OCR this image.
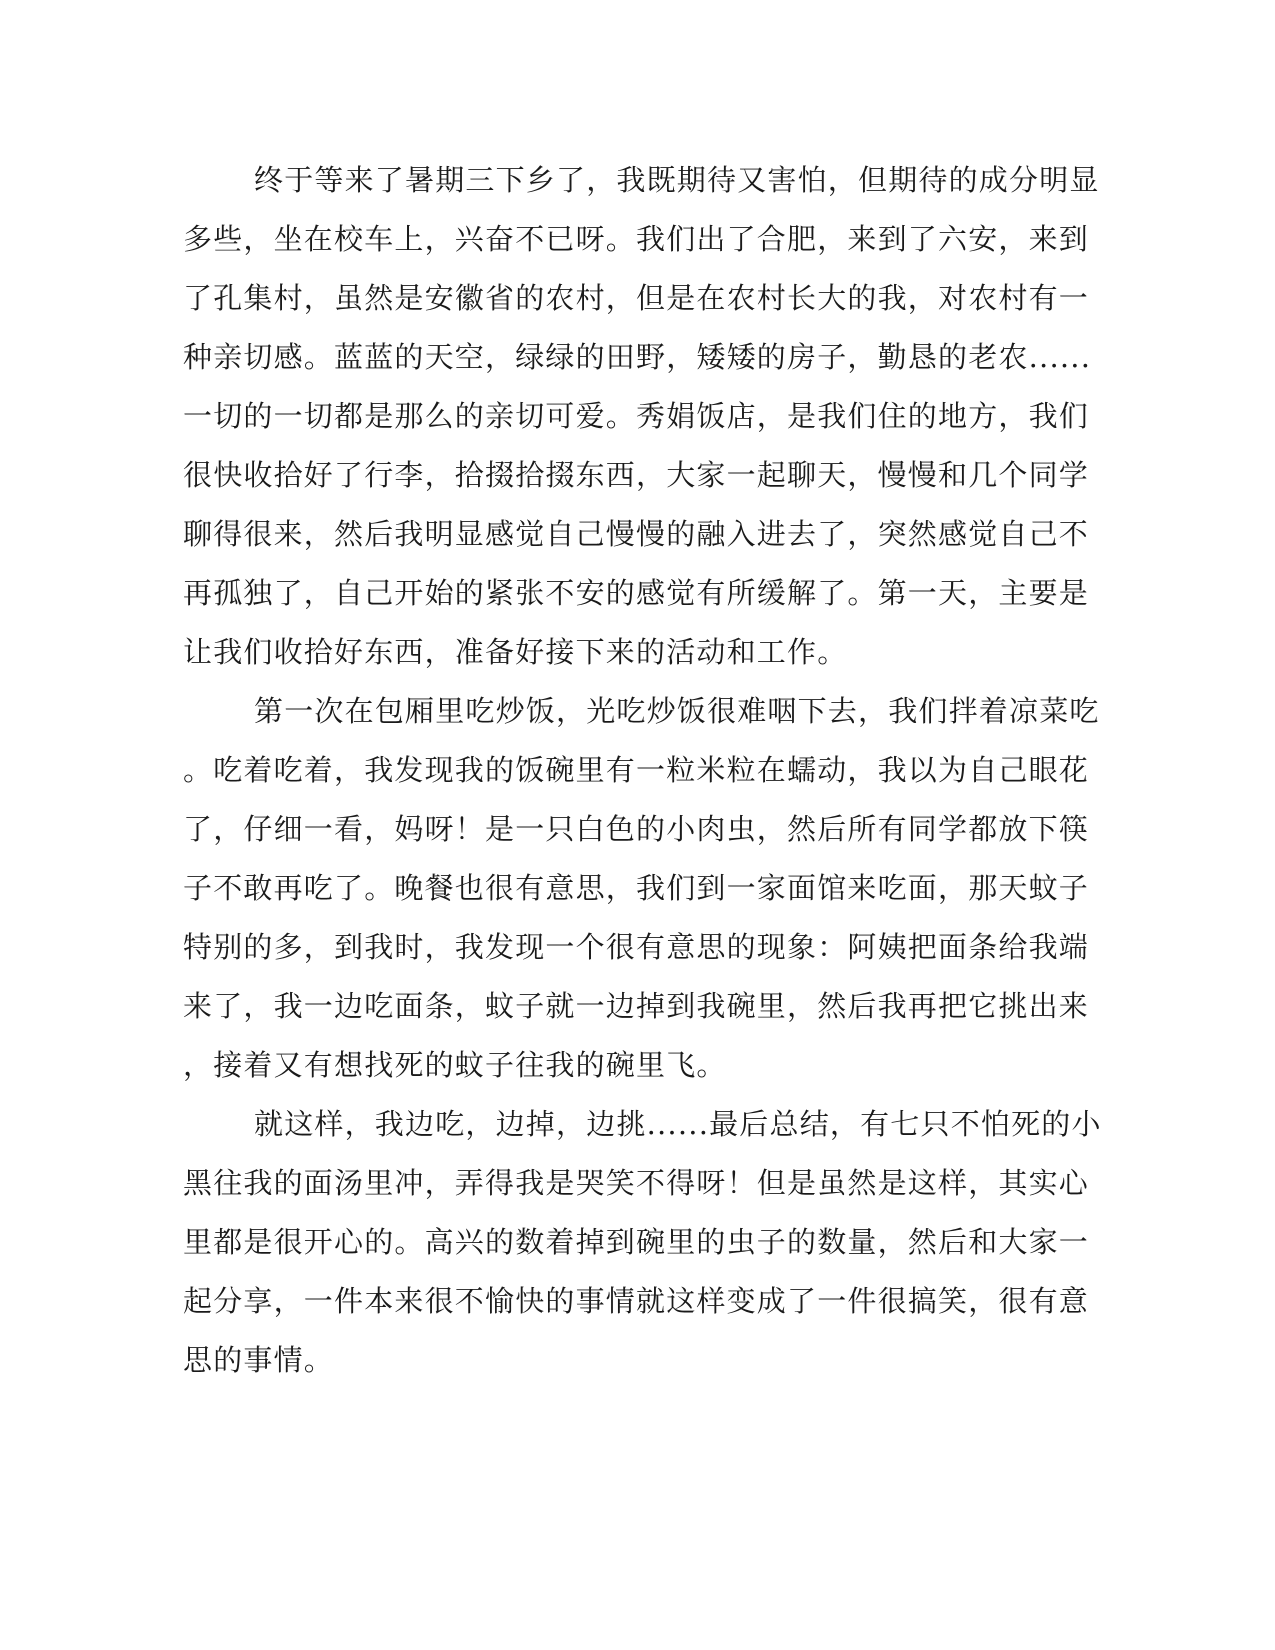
终于等来了暑期三下乡了，我既期待又害怕，但期待的成分明显
多些，坐在校车上，兴奋不已呀。我们出了合肥，来到了六安，来到
了孔集村，虽然是安徽省的农村，但是在农村长大的我，对农村有一
种亲切感。蓝蓝的天空，绿绿的田野，矮矮的房子，勤恳的老农......
一切的一切都是那么的亲切可爱。秀娟饭店，是我们住的地方，我们
很快收拾好了行李，拾掇拾掇东西，大家一起聊天，慢慢和几个同学
聊得很来，然后我明显感觉自己慢慢的融入进去了，突然感觉自己不
再孤独了，自己开始的紧张不安的感觉有所缓解了。第一天，主要是
让我们收拾好东西，准备好接下来的活动和工作。
第一次在包厢里吃炒饭，光吃炒饭很难咽下去，我们拌着凉菜吃
。吃着吃着，我发现我的饭碗里有一粒米粒在蠕动，我以为自己眼花
了，仔细一看，妈呀！是一只白色的小肉虫，然后所有同学都放下筷
子不敢再吃了。晚餐也很有意思，我们到一家面馆来吃面，那天蚊子
特别的多，到我时，我发现一个很有意思的现象：阿姨把面条给我端
来了，我一边吃面条，蚊子就一边掉到我碗里，然后我再把它挑出来
，接着又有想找死的蚊子往我的碗里飞。
就这样，我边吃，边掉，边挑......最后总结，有七只不怕死的小
黑往我的面汤里冲，弄得我是哭笑不得呀！但是虽然是这样，其实心
里都是很开心的。高兴的数着掉到碗里的虫子的数量，然后和大家一
起分享，一件本来很不愉快的事情就这样变成了一件很搞笑，很有意
思的事情。
